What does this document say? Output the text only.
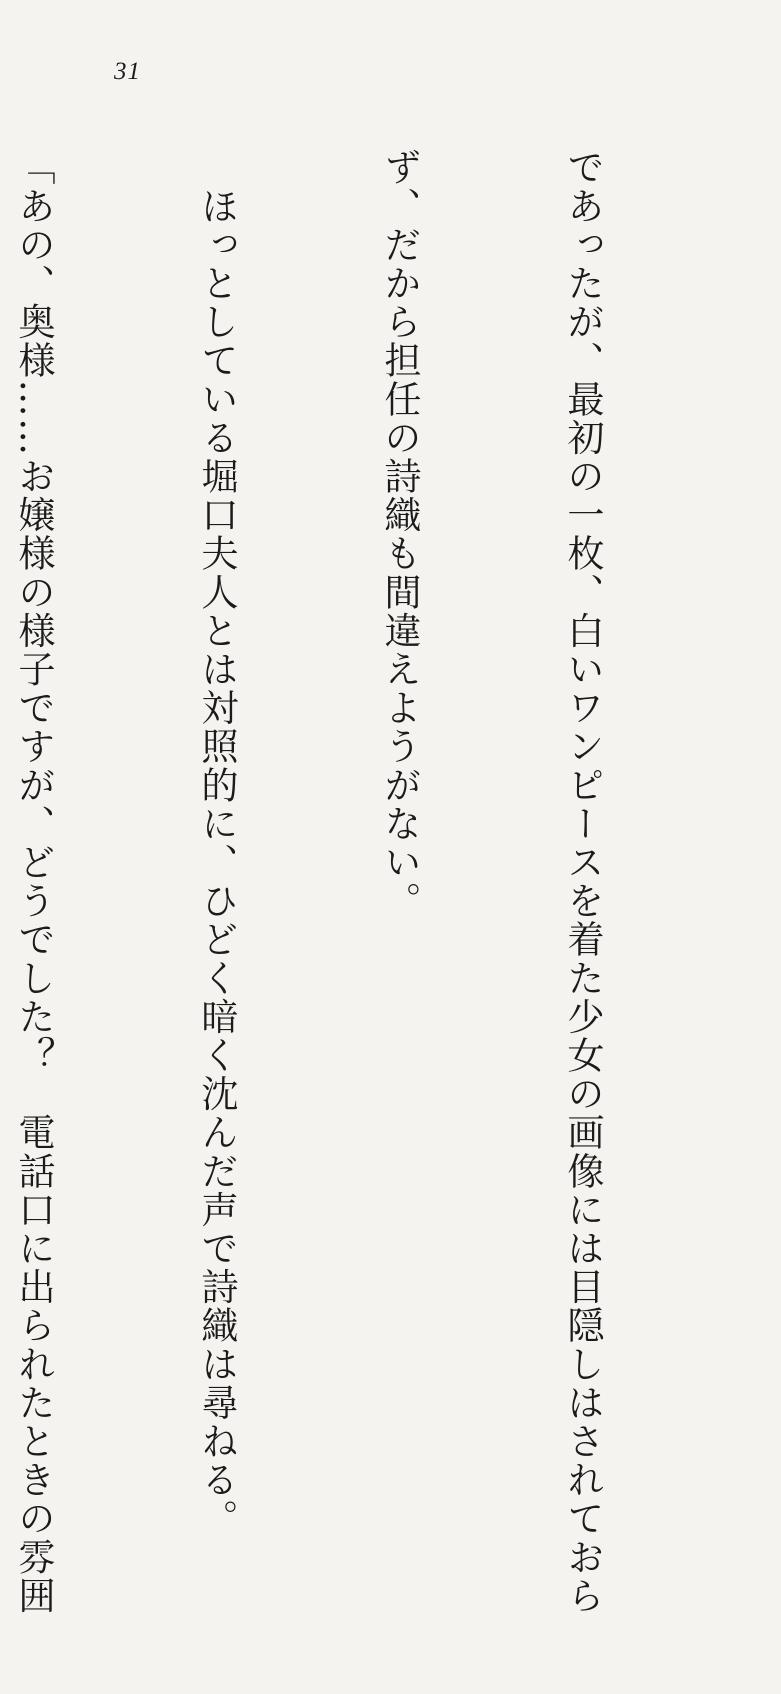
31

であったが、最初の一枚、白いワンピースを着た少女の画像には目隠しはされておら

ず、だから担任の詩織も間違えようがない。

　ほっとしている堀口夫人とは対照的に、ひどく暗く沈んだ声で詩織は尋ねる。

「あの、奥様……お嬢様の様子ですが、どうでした？　電話口に出られたときの雰囲
